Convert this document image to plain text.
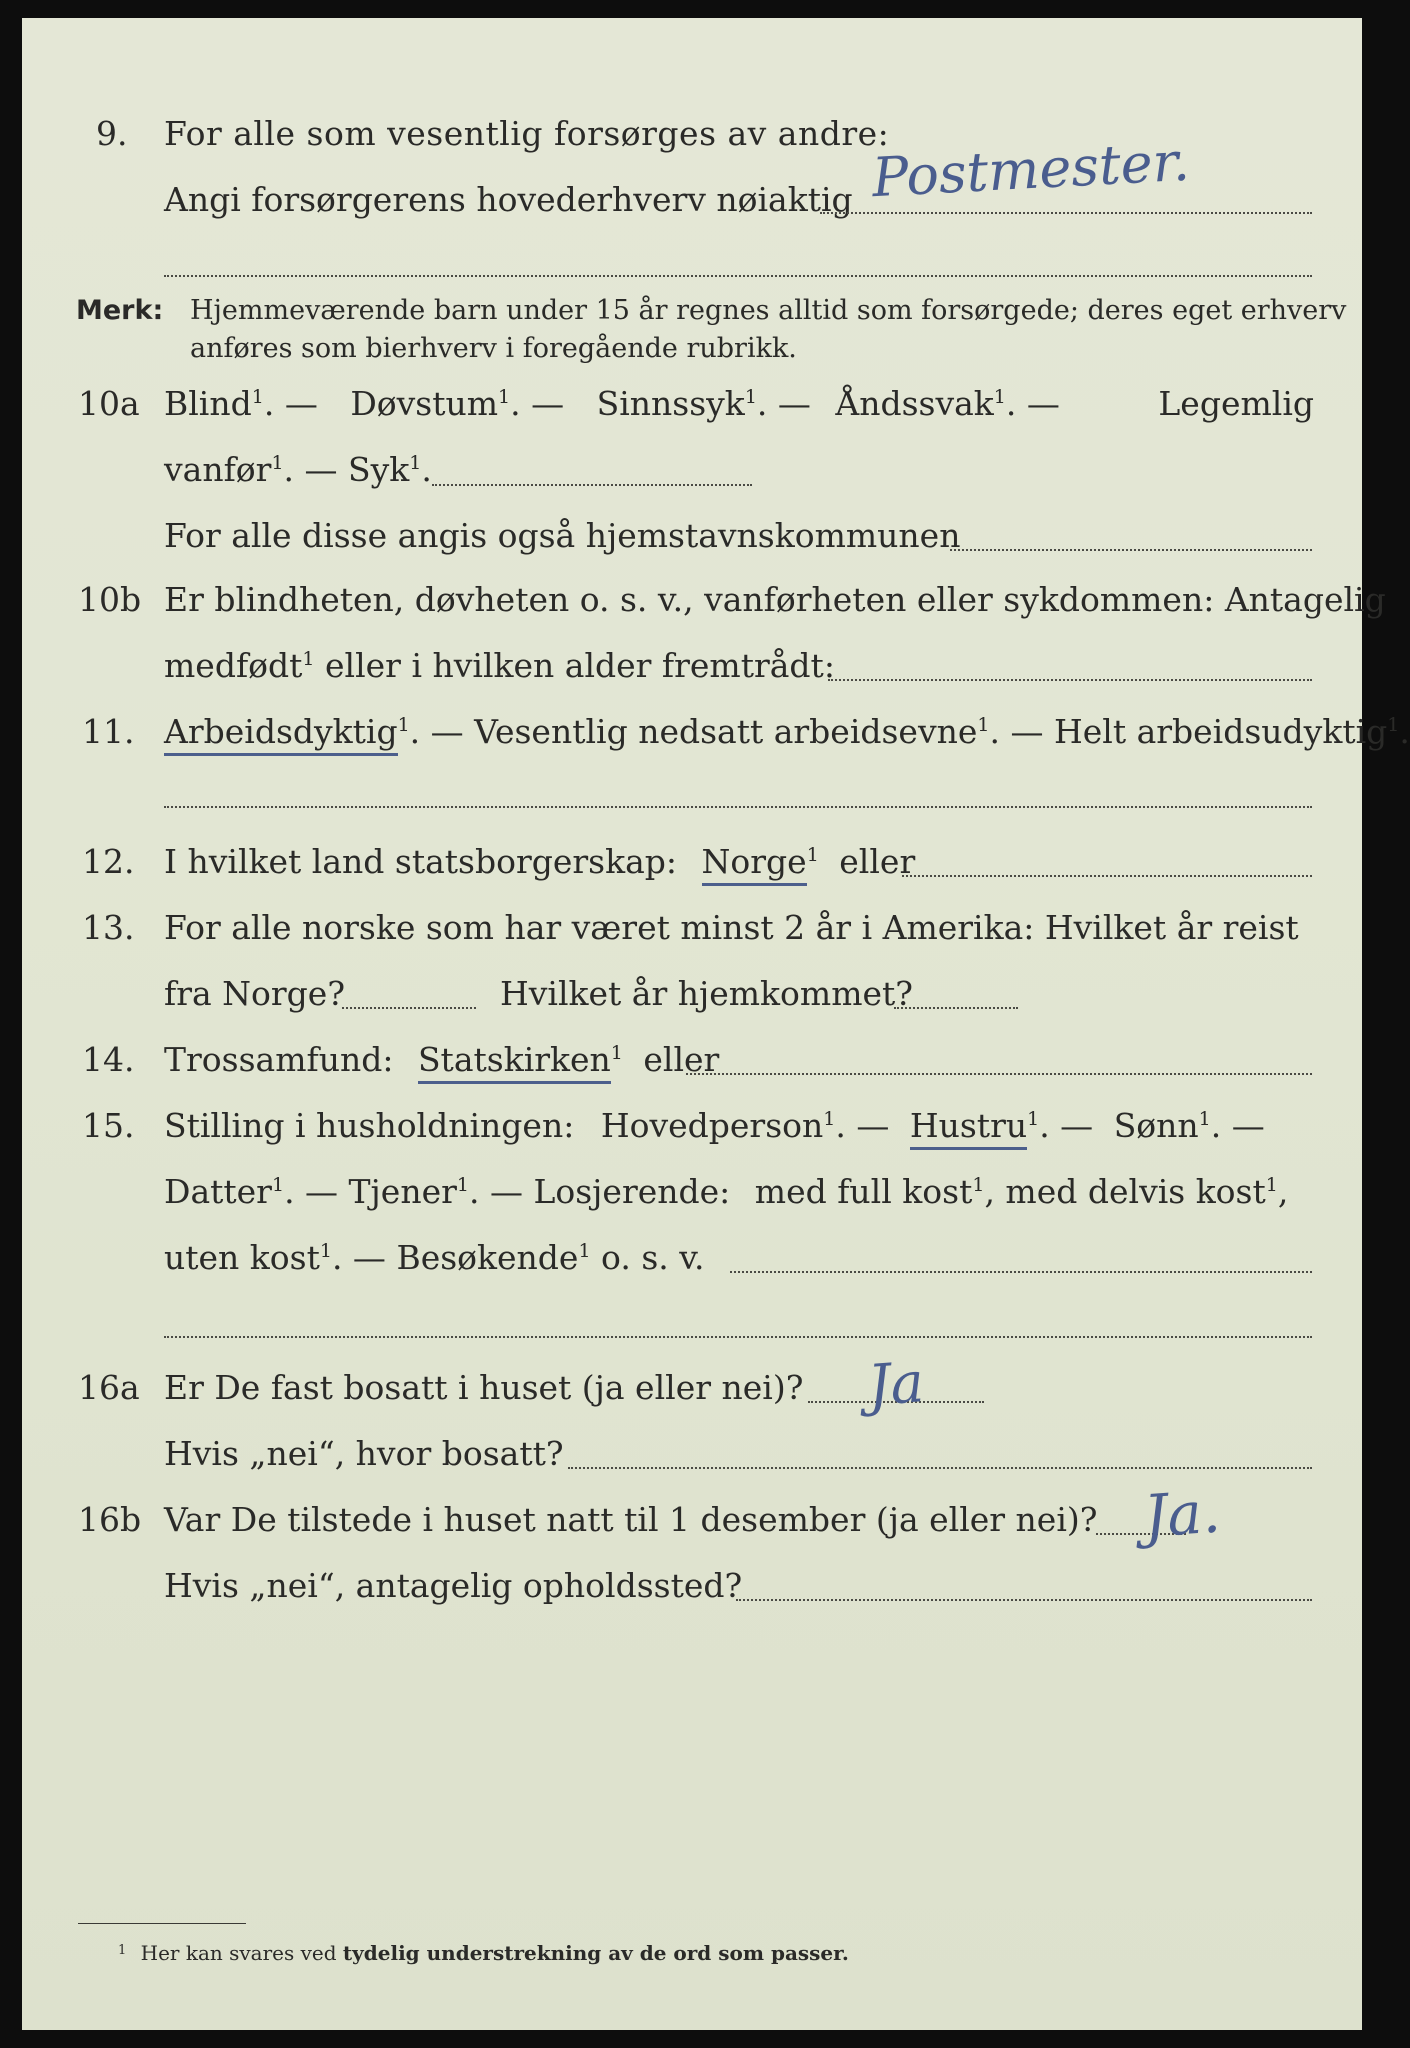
9. For alle som vesentlig forsørges av andre:
Angi forsørgerens hovederhverv nøiaktig Postmester.
Merk: Hjemmeværende barn under 15 år regnes alltid som forsørgede; deres eget erhverv
anføres som bierhverv i foregående rubrikk.
10a Blind$^1$. — Døvstum$^1$. — Sinnssyk$^1$. — Åndssvak$^1$. —	Legemlig
vanfør$^1$. — Syk$^1$.
For alle disse angis også hjemstavnskommunen
10b Er blindheten, døvheten o. s. v., vanførheten eller sykdommen: Antagelig
medfødt$^1$ eller i hvilken alder fremtrådt:
11. Arbeidsdyktig$^1$. — Vesentlig nedsatt arbeidsevne$^1$. — Helt arbeidsudyktig$^1$.
12. I hvilket land statsborgerskap: Norge$^1$ eller
13. For alle norske som har været minst 2 år i Amerika: Hvilket år reist
fra Norge?	Hvilket år hjemkommet?
14. Trossamfund: Statskirken$^1$ eller
15. Stilling i husholdningen: Hovedperson$^1$. — Hustru$^1$. — Sønn$^1$. —
Datter$^1$. — Tjener$^1$. — Losjerende: med full kost$^1$, med delvis kost$^1$,
uten kost$^1$. — Besøkende$^1$ o. s. v.
16a Er De fast bosatt i huset (ja eller nei)? Ja
Hvis „nei“, hvor bosatt?
16b Var De tilstede i huset natt til 1 desember (ja eller nei)? Ja.
Hvis „nei“, antagelig opholdssted?
$^1$ Her kan svares ved tydelig understrekning av de ord som passer.
